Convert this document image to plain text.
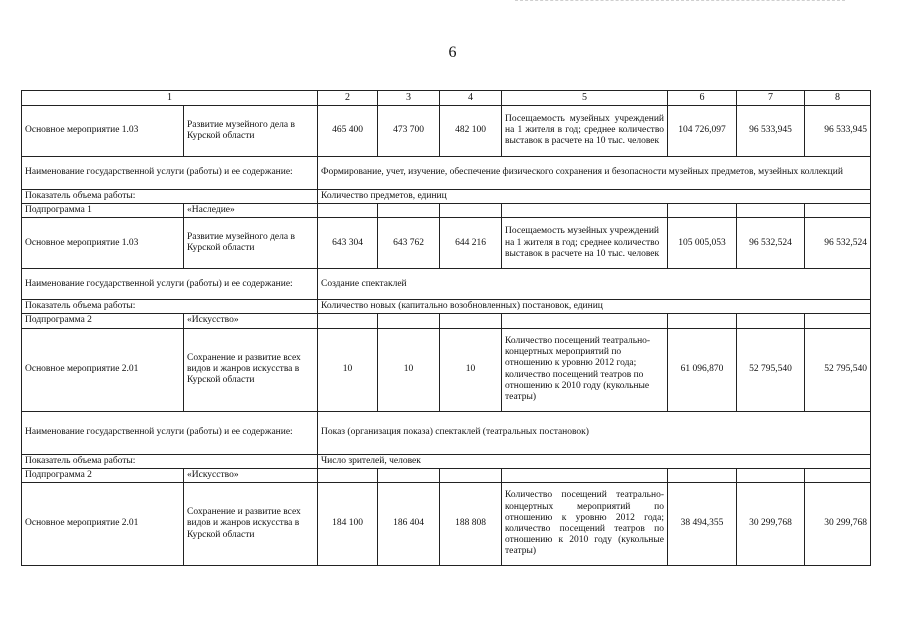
6
1		2	3	4	5	6	7	8
Основное мероприятие 1.03	Развитие музейного дела в Курской области	465 400	473 700	482 100	Посещаемость музейных учреждений на 1 жителя в год; среднее количество выставок в расчете на 10 тыс. человек	104 726,097	96 533,945	96 533,945
Наименование государственной услуги (работы) и ее содержание:		Формирование, учет, изучение, обеспечение физического сохранения и безопасности музейных предметов, музейных коллекций						
Показатель объема работы:		Количество предметов, единиц						
Подпрограмма 1	«Наследие»							
Основное мероприятие 1.03	Развитие музейного дела в Курской области	643 304	643 762	644 216	Посещаемость музейных учреждений на 1 жителя в год; среднее количество выставок в расчете на 10 тыс. человек	105 005,053	96 532,524	96 532,524
Наименование государственной услуги (работы) и ее содержание:		Создание спектаклей						
Показатель объема работы:		Количество новых (капитально возобновленных) постановок, единиц						
Подпрограмма 2	«Искусство»							
Основное мероприятие 2.01	Сохранение и развитие всех видов и жанров искусства в Курской области	10	10	10	Количество посещений театрально-концертных мероприятий по отношению к уровню 2012 года; количество посещений театров по отношению к 2010 году (кукольные театры)	61 096,870	52 795,540	52 795,540
Наименование государственной услуги (работы) и ее содержание:		Показ (организация показа) спектаклей (театральных постановок)						
Показатель объема работы:		Число зрителей, человек						
Подпрограмма 2	«Искусство»							
Основное мероприятие 2.01	Сохранение и развитие всех видов и жанров искусства в Курской области	184 100	186 404	188 808	Количество посещений театрально-концертных мероприятий по отношению к уровню 2012 года; количество посещений театров по отношению к 2010 году (кукольные театры)	38 494,355	30 299,768	30 299,768
